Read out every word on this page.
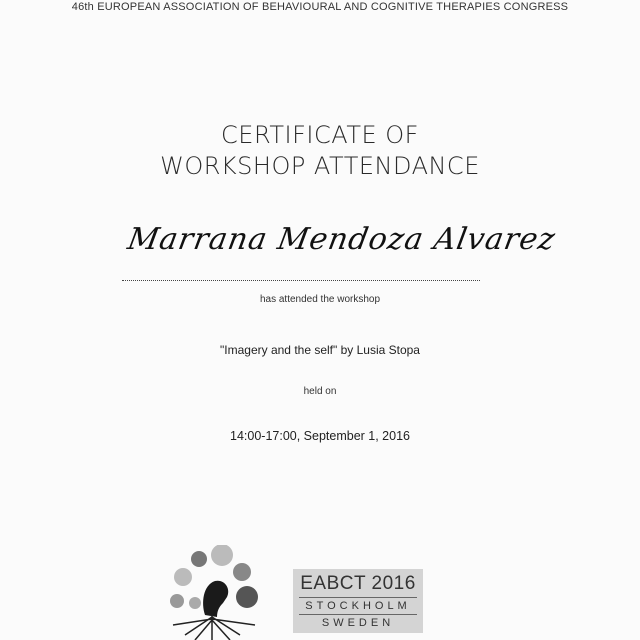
46th EUROPEAN ASSOCIATION OF BEHAVIOURAL AND COGNITIVE THERAPIES CONGRESS
CERTIFICATE OF
WORKSHOP ATTENDANCE
Marrana Mendoza Alvarez
has attended the workshop
"Imagery and the self" by Lusia Stopa
held on
14:00-17:00, September 1, 2016
EABCT 2016
STOCKHOLM
SWEDEN
